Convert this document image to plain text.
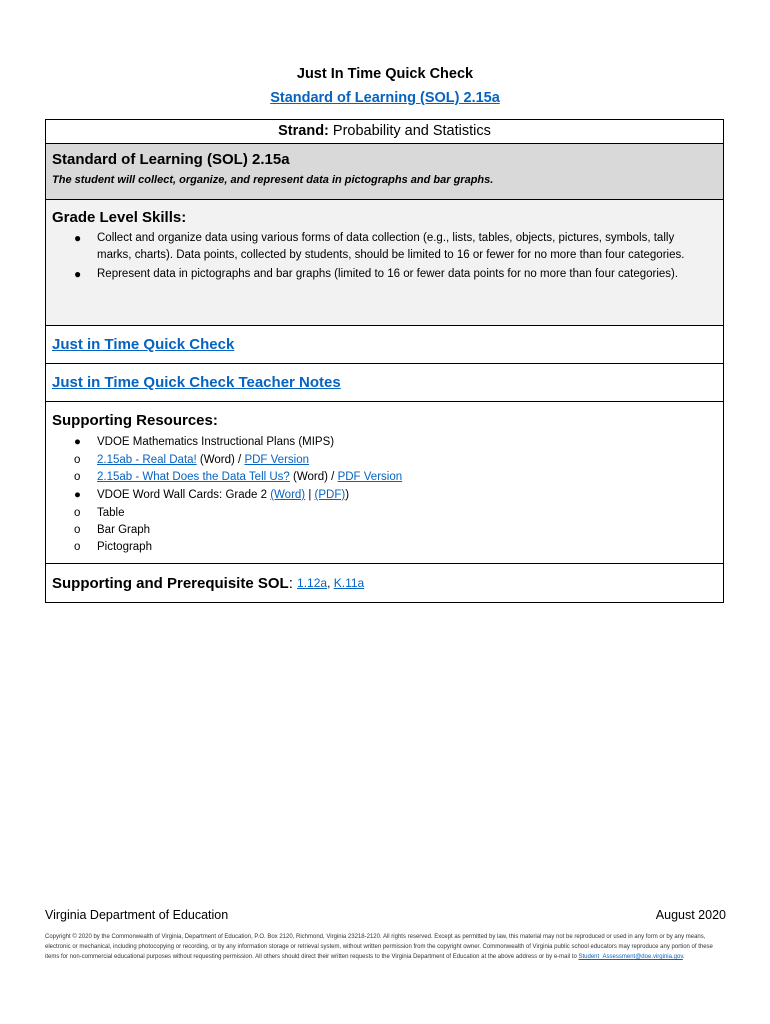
Just In Time Quick Check
Standard of Learning (SOL) 2.15a
Strand: Probability and Statistics
Standard of Learning (SOL) 2.15a
The student will collect, organize, and represent data in pictographs and bar graphs.
Grade Level Skills:
● Collect and organize data using various forms of data collection (e.g., lists, tables, objects, pictures, symbols, tally marks, charts). Data points, collected by students, should be limited to 16 or fewer for no more than four categories.
● Represent data in pictographs and bar graphs (limited to 16 or fewer data points for no more than four categories).
Just in Time Quick Check
Just in Time Quick Check Teacher Notes
Supporting Resources:
● VDOE Mathematics Instructional Plans (MIPS)
o 2.15ab - Real Data! (Word) / PDF Version
o 2.15ab - What Does the Data Tell Us? (Word) / PDF Version
● VDOE Word Wall Cards: Grade 2 (Word) | (PDF))
o Table
o Bar Graph
o Pictograph
Supporting and Prerequisite SOL : 1.12a , K.11a
Virginia Department of Education	August 2020
Copyright © 2020 by the Commonwealth of Virginia, Department of Education, P.O. Box 2120, Richmond, Virginia 23218-2120. All rights reserved. Except as permitted by law, this material may not be reproduced or used in any form or by any means, electronic or mechanical, including photocopying or recording, or by any information storage or retrieval system, without written permission from the copyright owner. Commonwealth of Virginia public school educators may reproduce any portion of these items for non-commercial educational purposes without requesting permission. All others should direct their written requests to the Virginia Department of Education at the above address or by e-mail to Student_Assessment@doe.virginia.gov.
